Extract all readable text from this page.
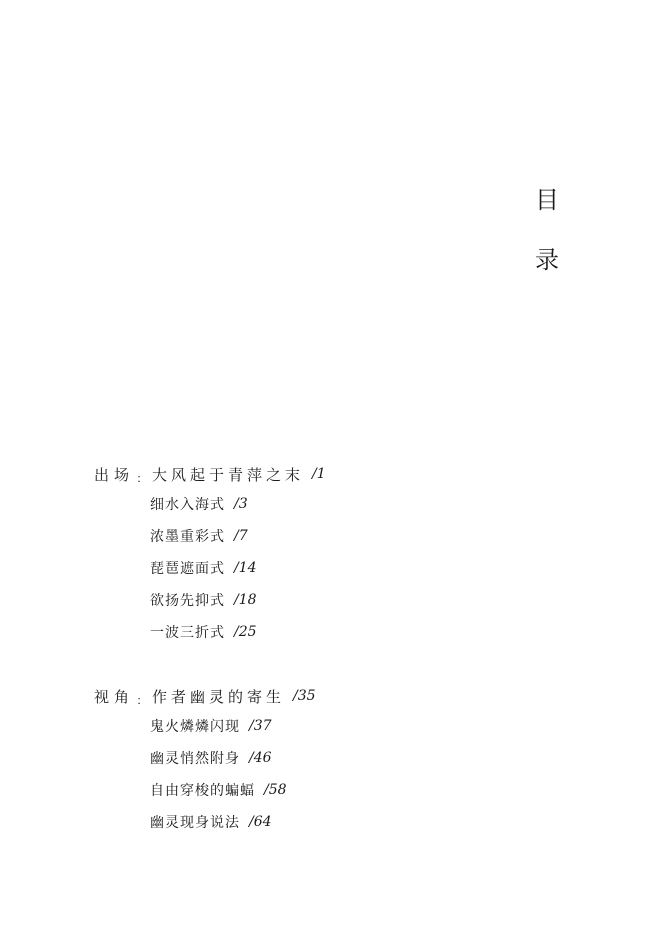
目
录
出场 ： 大风起于青萍之末 /1
细水入海式 /3
浓墨重彩式 /7
琵琶遮面式 /14
欲扬先抑式 /18
一波三折式 /25
视角 ： 作者幽灵的寄生 /35
鬼火燐燐闪现 /37
幽灵悄然附身 /46
自由穿梭的蝙蝠 /58
幽灵现身说法 /64
